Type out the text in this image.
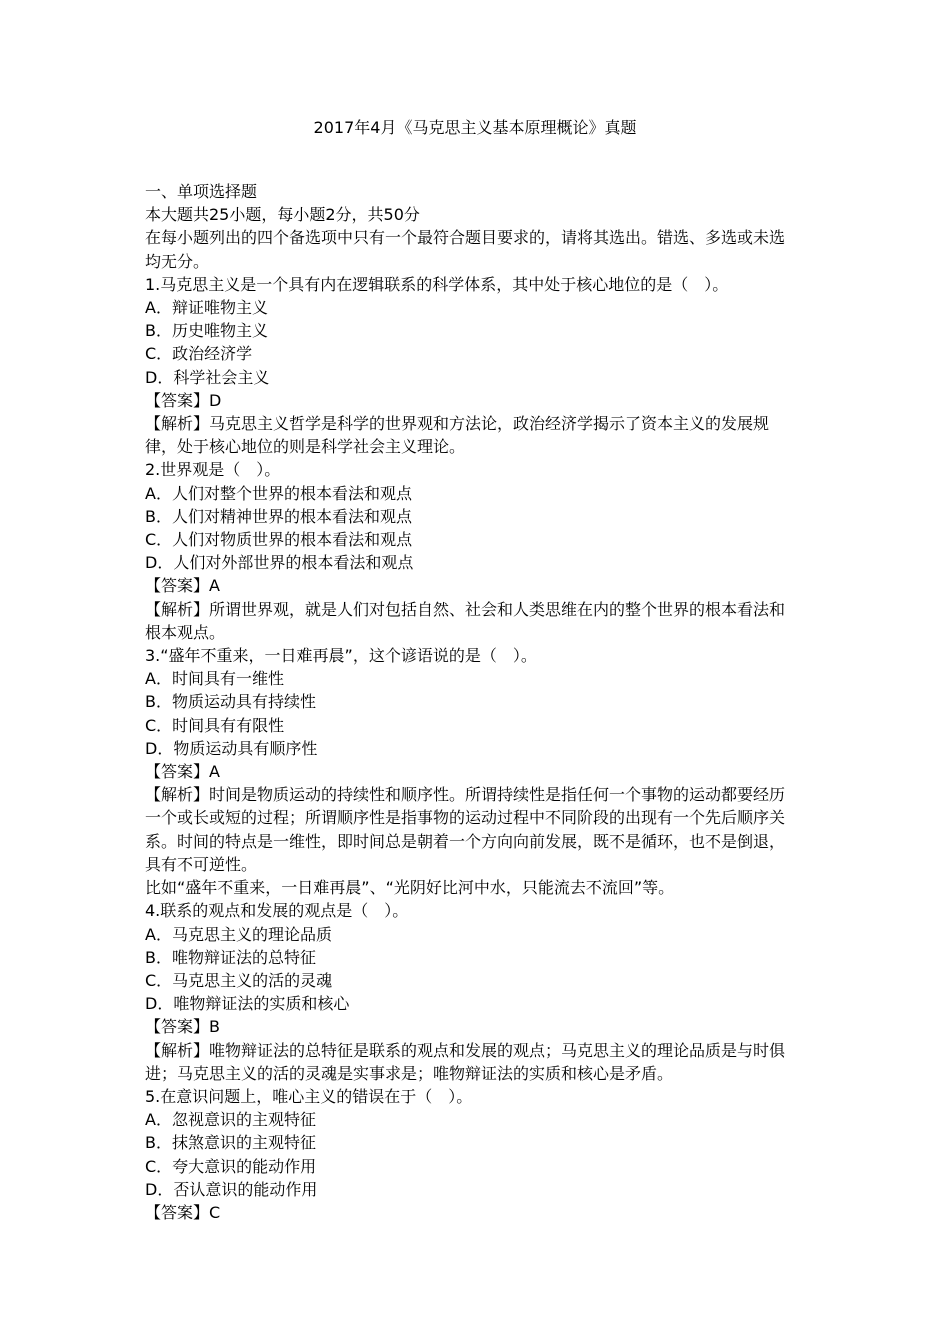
2017年4月《马克思主义基本原理概论》真题

一、单项选择题

本大题共25小题，每小题2分，共50分

在每小题列出的四个备选项中只有一个最符合题目要求的，请将其选出。错选、多选或未选均无分。

1.马克思主义是一个具有内在逻辑联系的科学体系，其中处于核心地位的是（　）。

A．辩证唯物主义

B．历史唯物主义

C．政治经济学

D．科学社会主义

【答案】D

【解析】马克思主义哲学是科学的世界观和方法论，政治经济学揭示了资本主义的发展规律，处于核心地位的则是科学社会主义理论。

2.世界观是（　）。

A．人们对整个世界的根本看法和观点

B．人们对精神世界的根本看法和观点

C．人们对物质世界的根本看法和观点

D．人们对外部世界的根本看法和观点

【答案】A

【解析】所谓世界观，就是人们对包括自然、社会和人类思维在内的整个世界的根本看法和根本观点。

3.“盛年不重来，一日难再晨”，这个谚语说的是（　）。

A．时间具有一维性

B．物质运动具有持续性

C．时间具有有限性

D．物质运动具有顺序性

【答案】A

【解析】时间是物质运动的持续性和顺序性。所谓持续性是指任何一个事物的运动都要经历一个或长或短的过程；所谓顺序性是指事物的运动过程中不同阶段的出现有一个先后顺序关系。时间的特点是一维性，即时间总是朝着一个方向向前发展，既不是循环，也不是倒退，具有不可逆性。

比如“盛年不重来，一日难再晨”、“光阴好比河中水，只能流去不流回”等。

4.联系的观点和发展的观点是（　）。

A．马克思主义的理论品质

B．唯物辩证法的总特征

C．马克思主义的活的灵魂

D．唯物辩证法的实质和核心

【答案】B

【解析】唯物辩证法的总特征是联系的观点和发展的观点；马克思主义的理论品质是与时俱进；马克思主义的活的灵魂是实事求是；唯物辩证法的实质和核心是矛盾。

5.在意识问题上，唯心主义的错误在于（　）。

A．忽视意识的主观特征

B．抹煞意识的主观特征

C．夸大意识的能动作用

D．否认意识的能动作用

【答案】C
